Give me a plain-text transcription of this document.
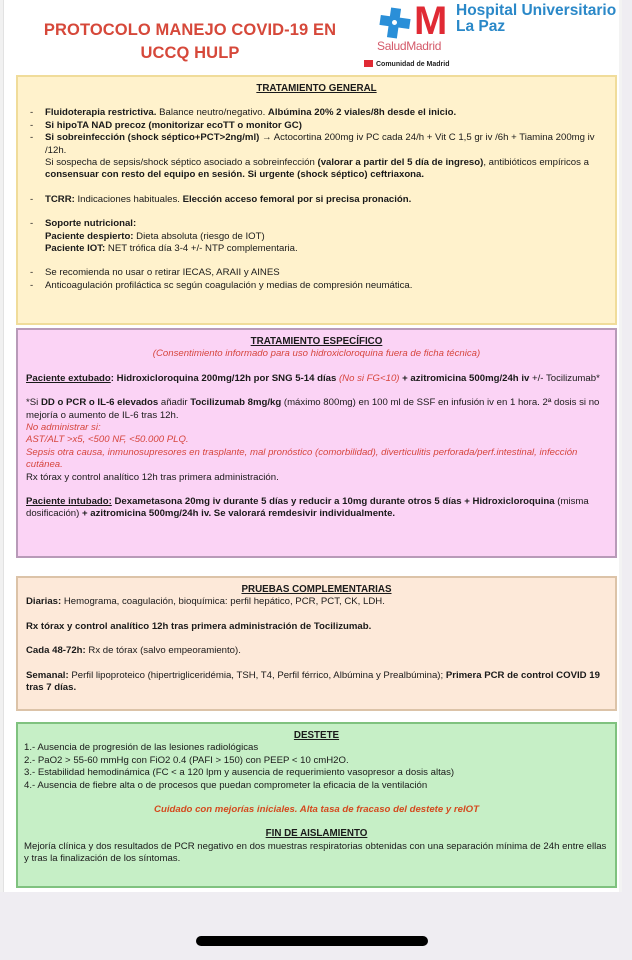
PROTOCOLO MANEJO COVID-19 EN
UCCQ HULP
M Hospital Universitario
La Paz
SaludMadrid
Comunidad de Madrid
TRATAMIENTO GENERAL
- Fluidoterapia restrictiva. Balance neutro/negativo. Albúmina 20% 2 viales/8h desde el inicio.
- Si hipoTA NAD precoz (monitorizar ecoTT o monitor GC)
- Si sobreinfección (shock séptico+PCT>2ng/ml) → Actocortina 200mg iv PC cada 24/h + Vit C 1,5 gr iv /6h + Tiamina 200mg iv /12h.
Si sospecha de sepsis/shock séptico asociado a sobreinfección (valorar a partir del 5 día de ingreso), antibióticos empíricos a consensuar con resto del equipo en sesión. Si urgente (shock séptico) ceftriaxona.
- TCRR: Indicaciones habituales. Elección acceso femoral por si precisa pronación.
- Soporte nutricional:
Paciente despierto: Dieta absoluta (riesgo de IOT)
Paciente IOT: NET trófica día 3-4 +/- NTP complementaria.
- Se recomienda no usar o retirar IECAS, ARAII y AINES
- Anticoagulación profiláctica sc según coagulación y medias de compresión neumática.
TRATAMIENTO ESPECÍFICO
(Consentimiento informado para uso hidroxicloroquina fuera de ficha técnica)
Paciente extubado: Hidroxicloroquina 200mg/12h por SNG 5-14 días (No si FG<10) + azitromicina 500mg/24h iv +/- Tocilizumab*
*Si DD o PCR o IL-6 elevados añadir Tocilizumab 8mg/kg (máximo 800mg) en 100 ml de SSF en infusión iv en 1 hora. 2ª dosis si no mejoría o aumento de IL-6 tras 12h.
No administrar si:
AST/ALT >x5, <500 NF, <50.000 PLQ.
Sepsis otra causa, inmunosupresores en trasplante, mal pronóstico (comorbilidad), diverticulitis perforada/perf.intestinal, infección cutánea.
Rx tórax y control analítico 12h tras primera administración.
Paciente intubado: Dexametasona 20mg iv durante 5 días y reducir a 10mg durante otros 5 días + Hidroxicloroquina (misma dosificación) + azitromicina 500mg/24h iv. Se valorará remdesivir individualmente.
PRUEBAS COMPLEMENTARIAS
Diarias: Hemograma, coagulación, bioquímica: perfil hepático, PCR, PCT, CK, LDH.
Rx tórax y control analítico 12h tras primera administración de Tocilizumab.
Cada 48-72h: Rx de tórax (salvo empeoramiento).
Semanal: Perfil lipoproteico (hipertrigliceridémia, TSH, T4, Perfil férrico, Albúmina y Prealbúmina); Primera PCR de control COVID 19 tras 7 días.
DESTETE
1.- Ausencia de progresión de las lesiones radiológicas
2.- PaO2 > 55-60 mmHg con FiO2 0.4 (PAFI > 150) con PEEP < 10 cmH2O.
3.- Estabilidad hemodinámica (FC < a 120 lpm y ausencia de requerimiento vasopresor a dosis altas)
4.- Ausencia de fiebre alta o de procesos que puedan comprometer la eficacia de la ventilación
Cuidado con mejorías iniciales. Alta tasa de fracaso del destete y reIOT
FIN DE AISLAMIENTO
Mejoría clínica y dos resultados de PCR negativo en dos muestras respiratorias obtenidas con una separación mínima de 24h entre ellas y tras la finalización de los síntomas.
